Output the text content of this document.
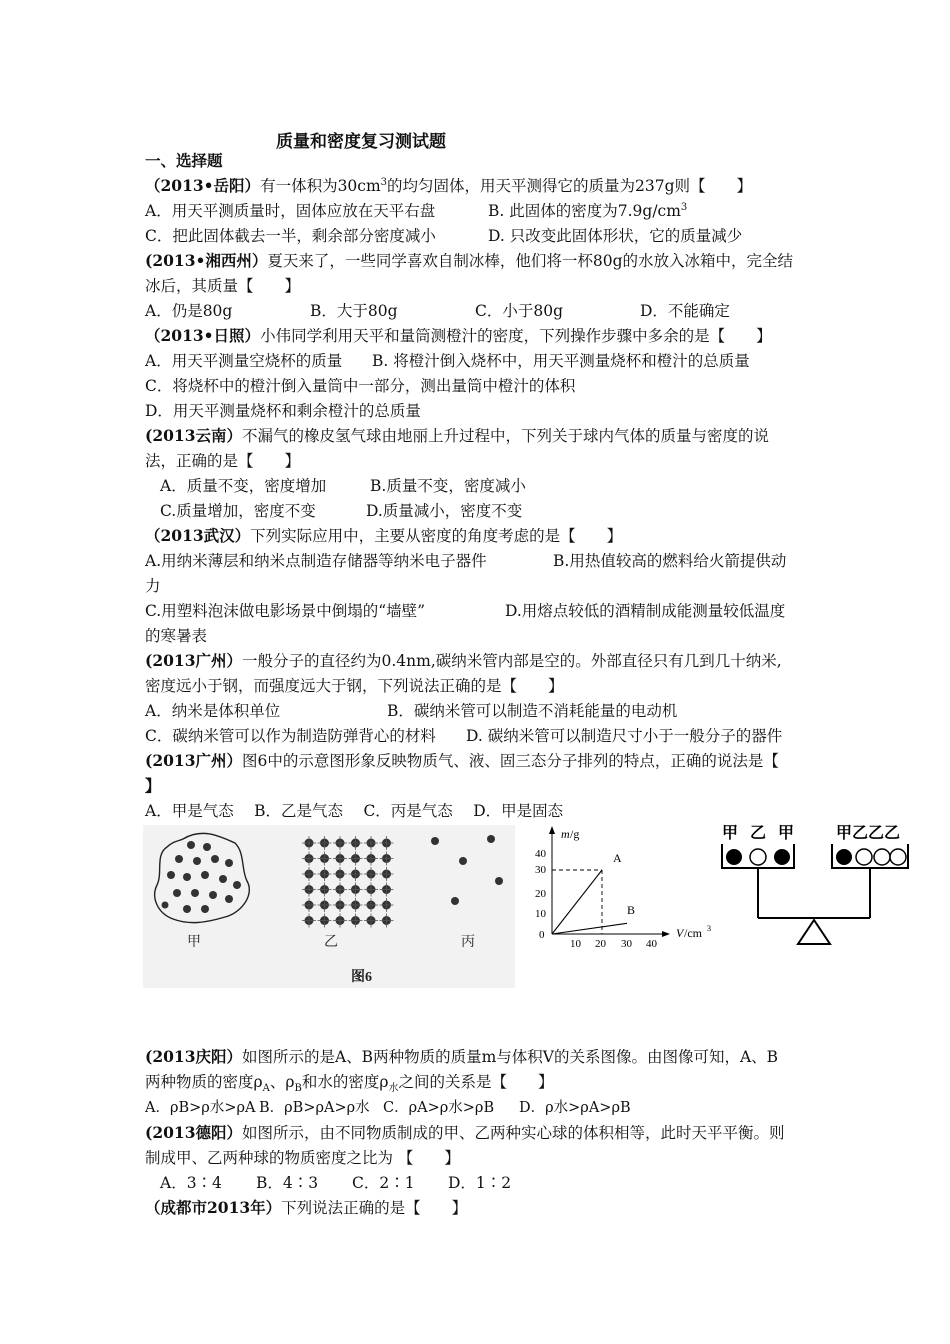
质量和密度复习测试题
一、选择题
（2013•岳阳）有一体积为$30cm^3$的均匀固体，用天平测得它的质量为237g则【　　】
A．用天平测质量时，固体应放在天平右盘	B. 此固体的密度为$7.9g/cm^3$
C．把此固体截去一半，剩余部分密度减小	D. 只改变此固体形状，它的质量减少
(2013•湘西州）夏天来了，一些同学喜欢自制冰棒，他们将一杯80g的水放入冰箱中，完全结
冰后，其质量【　　】
A．仍是80g	B．大于80g	C．小于80g	D．不能确定
（2013•日照）小伟同学利用天平和量筒测橙汁的密度，下列操作步骤中多余的是【　　】
A．用天平测量空烧杯的质量 B. 将橙汁倒入烧杯中，用天平测量烧杯和橙汁的总质量
C．将烧杯中的橙汁倒入量筒中一部分，测出量筒中橙汁的体积
D．用天平测量烧杯和剩余橙汁的总质量
(2013云南）不漏气的橡皮氢气球由地丽上升过程中，下列关于球内气体的质量与密度的说
法，正确的是【　　】
A．质量不变，密度增加	B.质量不变，密度减小
C.质量增加，密度不变	D.质量减小，密度不变
（2013武汉）下列实际应用中，主要从密度的角度考虑的是【　　】
A.用纳米薄层和纳米点制造存储器等纳米电子器件	B.用热值较高的燃料给火箭提供动
力
C.用塑料泡沫做电影场景中倒塌的“墙壁”	D.用熔点较低的酒精制成能测量较低温度
的寒暑表
(2013广州）一般分子的直径约为0.4nm,碳纳米管内部是空的。外部直径只有几到几十纳米,
密度远小于钢，而强度远大于钢，下列说法正确的是【　　】
A．纳米是体积单位	B．碳纳米管可以制造不消耗能量的电动机
C．碳纳米管可以作为制造防弹背心的材料 D. 碳纳米管可以制造尺寸小于一般分子的器件
(2013广州）图6中的示意图形象反映物质气、液、固三态分子排列的特点，正确的说法是【
】
A．甲是气态　 B．乙是气态　 C．丙是气态　 D．甲是固态
甲	乙	丙
图6
m /g
V /cm 3
40
30
20
10
0
10 20 30 40
A
B
甲 乙 甲 甲乙乙乙
(2013庆阳）如图所示的是A、B两种物质的质量m与体积V的关系图像。由图像可知，A、B
两种物质的密度$\rho_A$、$\rho_B$和水的密度$\rho_水$之间的关系是【　　】
A．ρB>ρ水>ρA B．ρB>ρA>ρ水 C．ρA>ρ水>ρB D．ρ水>ρA>ρB
(2013德阳）如图所示，由不同物质制成的甲、乙两种实心球的体积相等，此时天平平衡。则
制成甲、乙两种球的物质密度之比为 【　　】
A．3∶4 B．4∶3 C．2∶1 D．1∶2
（成都市2013年）下列说法正确的是【　　】
